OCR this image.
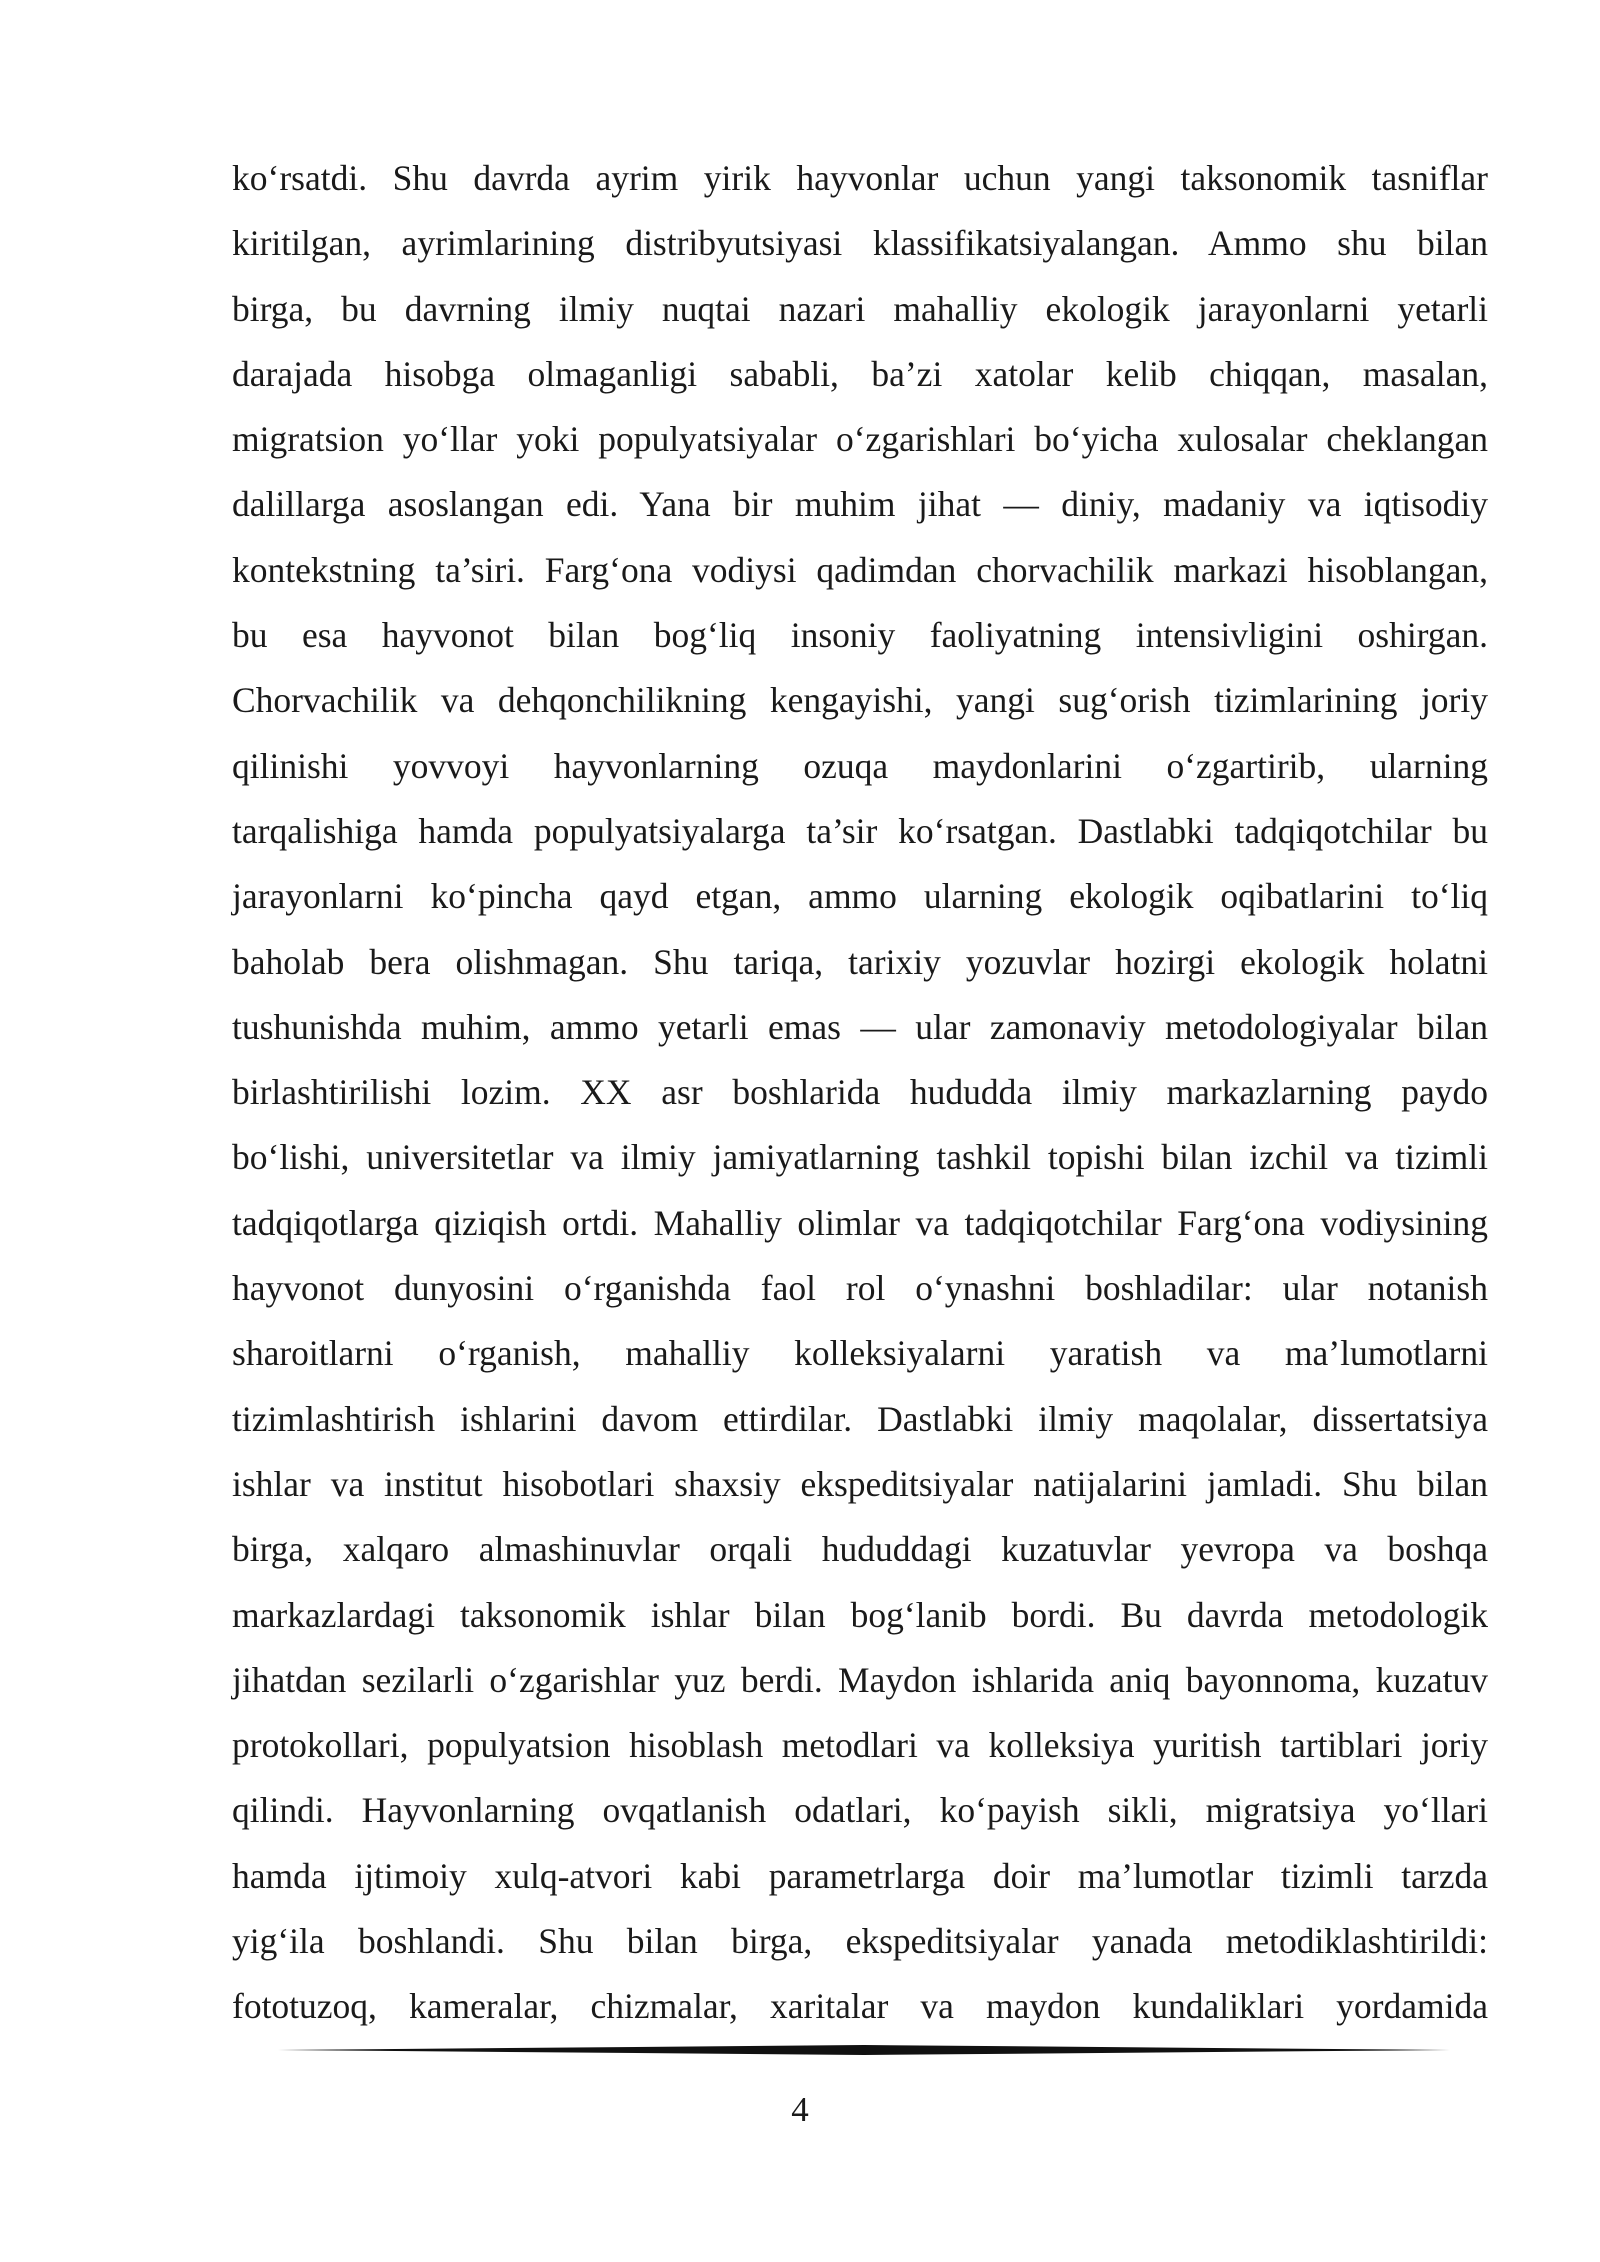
ko‘rsatdi. Shu davrda ayrim yirik hayvonlar uchun yangi taksonomik tasniflar
kiritilgan, ayrimlarining distribyutsiyasi klassifikatsiyalangan. Ammo shu bilan
birga, bu davrning ilmiy nuqtai nazari mahalliy ekologik jarayonlarni yetarli
darajada hisobga olmaganligi sababli, ba’zi xatolar kelib chiqqan, masalan,
migratsion yo‘llar yoki populyatsiyalar o‘zgarishlari bo‘yicha xulosalar cheklangan
dalillarga asoslangan edi. Yana bir muhim jihat — diniy, madaniy va iqtisodiy
kontekstning ta’siri. Farg‘ona vodiysi qadimdan chorvachilik markazi hisoblangan,
bu esa hayvonot bilan bog‘liq insoniy faoliyatning intensivligini oshirgan.
Chorvachilik va dehqonchilikning kengayishi, yangi sug‘orish tizimlarining joriy
qilinishi yovvoyi hayvonlarning ozuqa maydonlarini o‘zgartirib, ularning
tarqalishiga hamda populyatsiyalarga ta’sir ko‘rsatgan. Dastlabki tadqiqotchilar bu
jarayonlarni ko‘pincha qayd etgan, ammo ularning ekologik oqibatlarini to‘liq
baholab bera olishmagan. Shu tariqa, tarixiy yozuvlar hozirgi ekologik holatni
tushunishda muhim, ammo yetarli emas — ular zamonaviy metodologiyalar bilan
birlashtirilishi lozim. XX asr boshlarida hududda ilmiy markazlarning paydo
bo‘lishi, universitetlar va ilmiy jamiyatlarning tashkil topishi bilan izchil va tizimli
tadqiqotlarga qiziqish ortdi. Mahalliy olimlar va tadqiqotchilar Farg‘ona vodiysining
hayvonot dunyosini o‘rganishda faol rol o‘ynashni boshladilar: ular notanish
sharoitlarni o‘rganish, mahalliy kolleksiyalarni yaratish va ma’lumotlarni
tizimlashtirish ishlarini davom ettirdilar. Dastlabki ilmiy maqolalar, dissertatsiya
ishlar va institut hisobotlari shaxsiy ekspeditsiyalar natijalarini jamladi. Shu bilan
birga, xalqaro almashinuvlar orqali hududdagi kuzatuvlar yevropa va boshqa
markazlardagi taksonomik ishlar bilan bog‘lanib bordi. Bu davrda metodologik
jihatdan sezilarli o‘zgarishlar yuz berdi. Maydon ishlarida aniq bayonnoma, kuzatuv
protokollari, populyatsion hisoblash metodlari va kolleksiya yuritish tartiblari joriy
qilindi. Hayvonlarning ovqatlanish odatlari, ko‘payish sikli, migratsiya yo‘llari
hamda ijtimoiy xulq-atvori kabi parametrlarga doir ma’lumotlar tizimli tarzda
yig‘ila boshlandi. Shu bilan birga, ekspeditsiyalar yanada metodiklashtirildi:
fototuzoq, kameralar, chizmalar, xaritalar va maydon kundaliklari yordamida
4
